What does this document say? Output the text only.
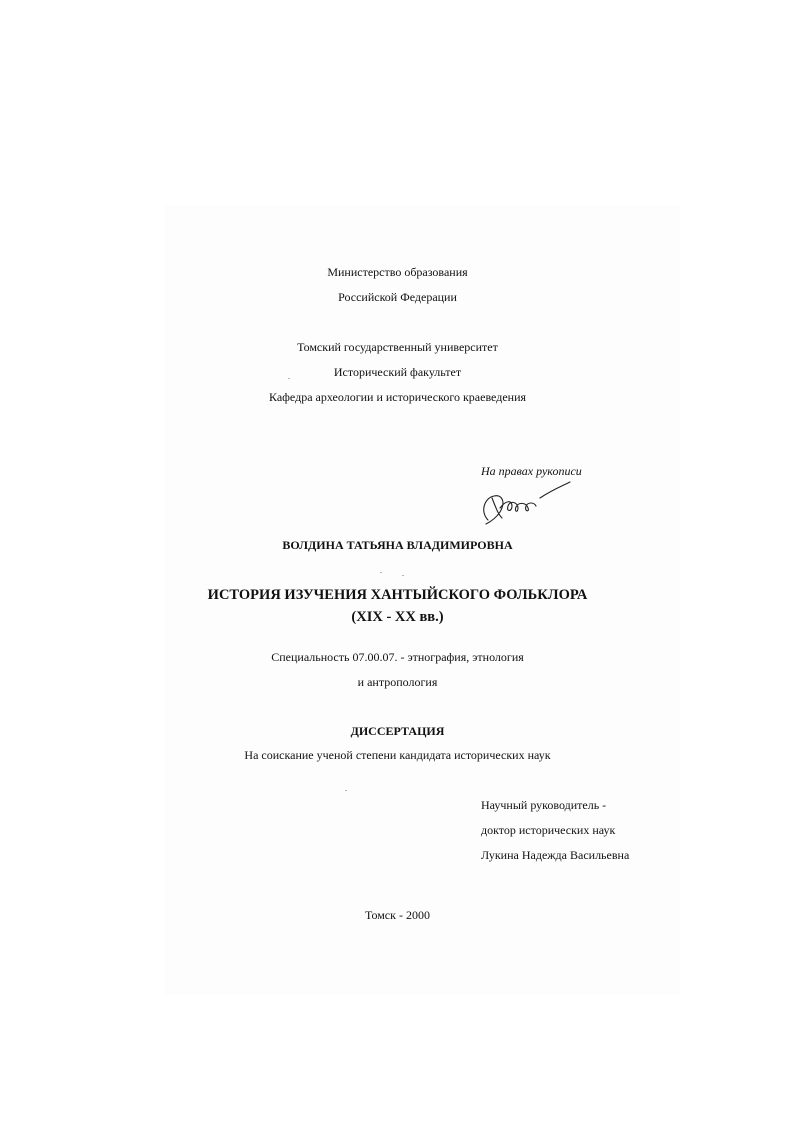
Министерство образования
Российской Федерации
Томский государственный университет
Исторический факультет
Кафедра археологии и исторического краеведения
На правах рукописи
ВОЛДИНА ТАТЬЯНА ВЛАДИМИРОВНА
ИСТОРИЯ ИЗУЧЕНИЯ ХАНТЫЙСКОГО ФОЛЬКЛОРА
(XIX - XX вв.)
Специальность 07.00.07. - этнография, этнология
и антропология
ДИССЕРТАЦИЯ
На соискание ученой степени кандидата исторических наук
Научный руководитель -
доктор исторических наук
Лукина Надежда Васильевна
Томск - 2000
